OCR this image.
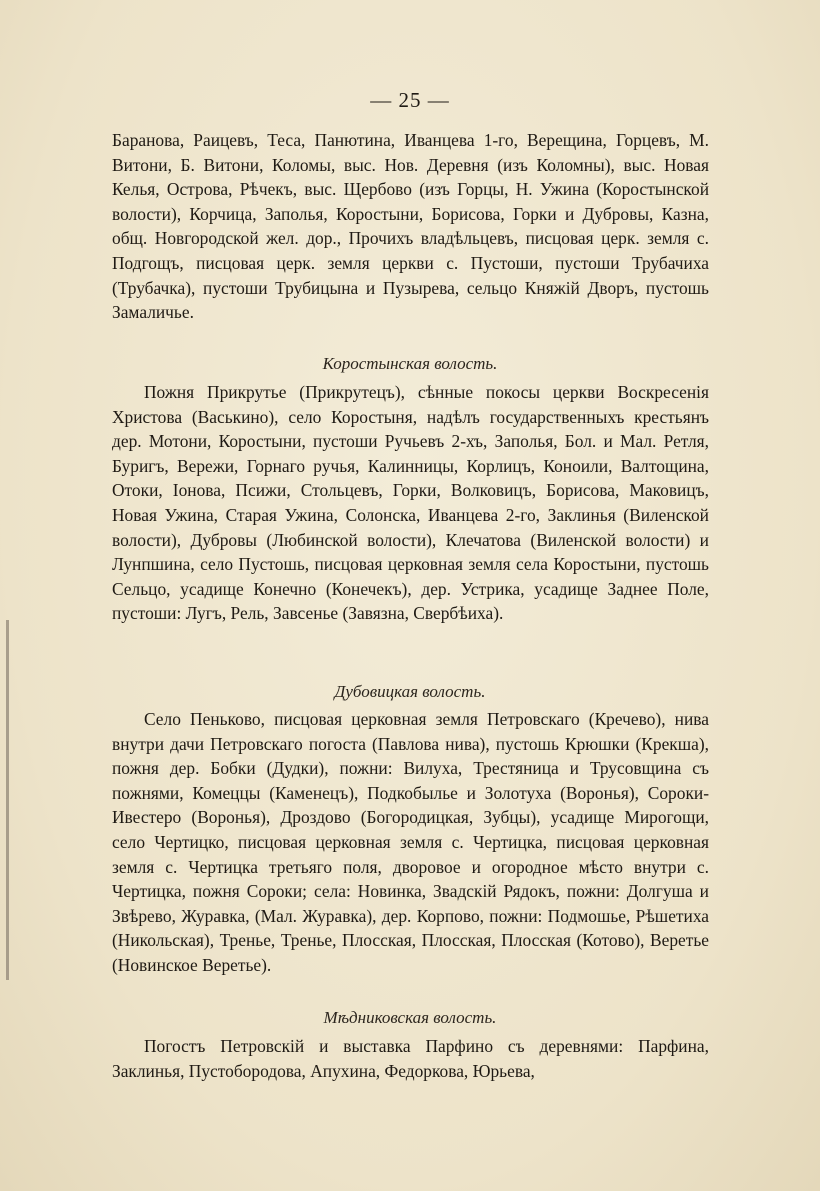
— 25 —

Баранова, Раицевъ, Теса, Панютина, Иванцева 1-го, Верещина, Горцевъ, М. Витони, Б. Витони, Коломы, выс. Нов. Деревня (изъ Коломны), выс. Новая Келья, Острова, Рѣчекъ, выс. Щербово (изъ Горцы, Н. Ужина (Коростынской волости), Корчица, Заполья, Коростыни, Борисова, Горки и Дубровы, Казна, общ. Новгородской жел. дор., Прочихъ владѣльцевъ, писцовая церк. земля с. Подгощъ, писцовая церк. земля церкви с. Пустоши, пустоши Трубачиха (Трубачка), пустоши Трубицына и Пузырева, сельцо Княжій Дворъ, пустошь Замаличье.

Коростынская волость.

Пожня Прикрутье (Прикрутецъ), сѣнные покосы церкви Воскресенія Христова (Васькино), село Коростыня, надѣлъ государственныхъ крестьянъ дер. Мотони, Коростыни, пустоши Ручьевъ 2-хъ, Заполья, Бол. и Мал. Ретля, Буригъ, Верeжи, Горнаго ручья, Калинницы, Корлицъ, Коноили, Валтощина, Отоки, Іонова, Псижи, Стольцевъ, Горки, Волковицъ, Борисова, Маковицъ, Новая Ужина, Старая Ужина, Солонска, Иванцева 2-го, Заклинья (Виленской волости), Дубровы (Любинской волости), Клечатова (Виленской волости) и Лунпшина, село Пустошь, писцовая церковная земля села Коростыни, пустошь Сельцо, усадище Конечно (Конечекъ), дер. Устрика, усадище Заднее Поле, пустоши: Лугъ, Рель, Завсенье (Завязна, Свербѣиха).

Дубовицкая волость.

Село Пеньково, писцовая церковная земля Петровскаго (Кречево), нива внутри дачи Петровскаго погоста (Павлова нива), пустошь Крюшки (Крекша), пожня дер. Бобки (Дудки), пожни: Вилуха, Трестяница и Трусовщина съ пожнями, Комеццы (Каменецъ), Подкобылье и Золотуха (Воронья), Сороки-Ивестеро (Воронья), Дроздово (Богородицкая, Зубцы), усадище Мирогощи, село Чертицко, писцовая церковная земля с. Чертицка, писцовая церковная земля с. Чертицка третьяго поля, дворовое и огородное мѣсто внутри с. Чертицка, пожня Сороки; села: Новинка, Звадскій Рядокъ, пожни: Долгуша и Звѣрево, Журавка, (Мал. Журавка), дер. Корпово, пожни: Подмошье, Рѣшетиха (Никольская), Тренье, Тренье, Плосская, Плосская, Плосская (Котово), Веретье (Новинское Веретье).

Мѣдниковская волость.

Погостъ Петровскій и выставка Парфино съ деревнями: Парфина, Заклинья, Пустобородова, Апухина, Федоркова, Юрьева,
